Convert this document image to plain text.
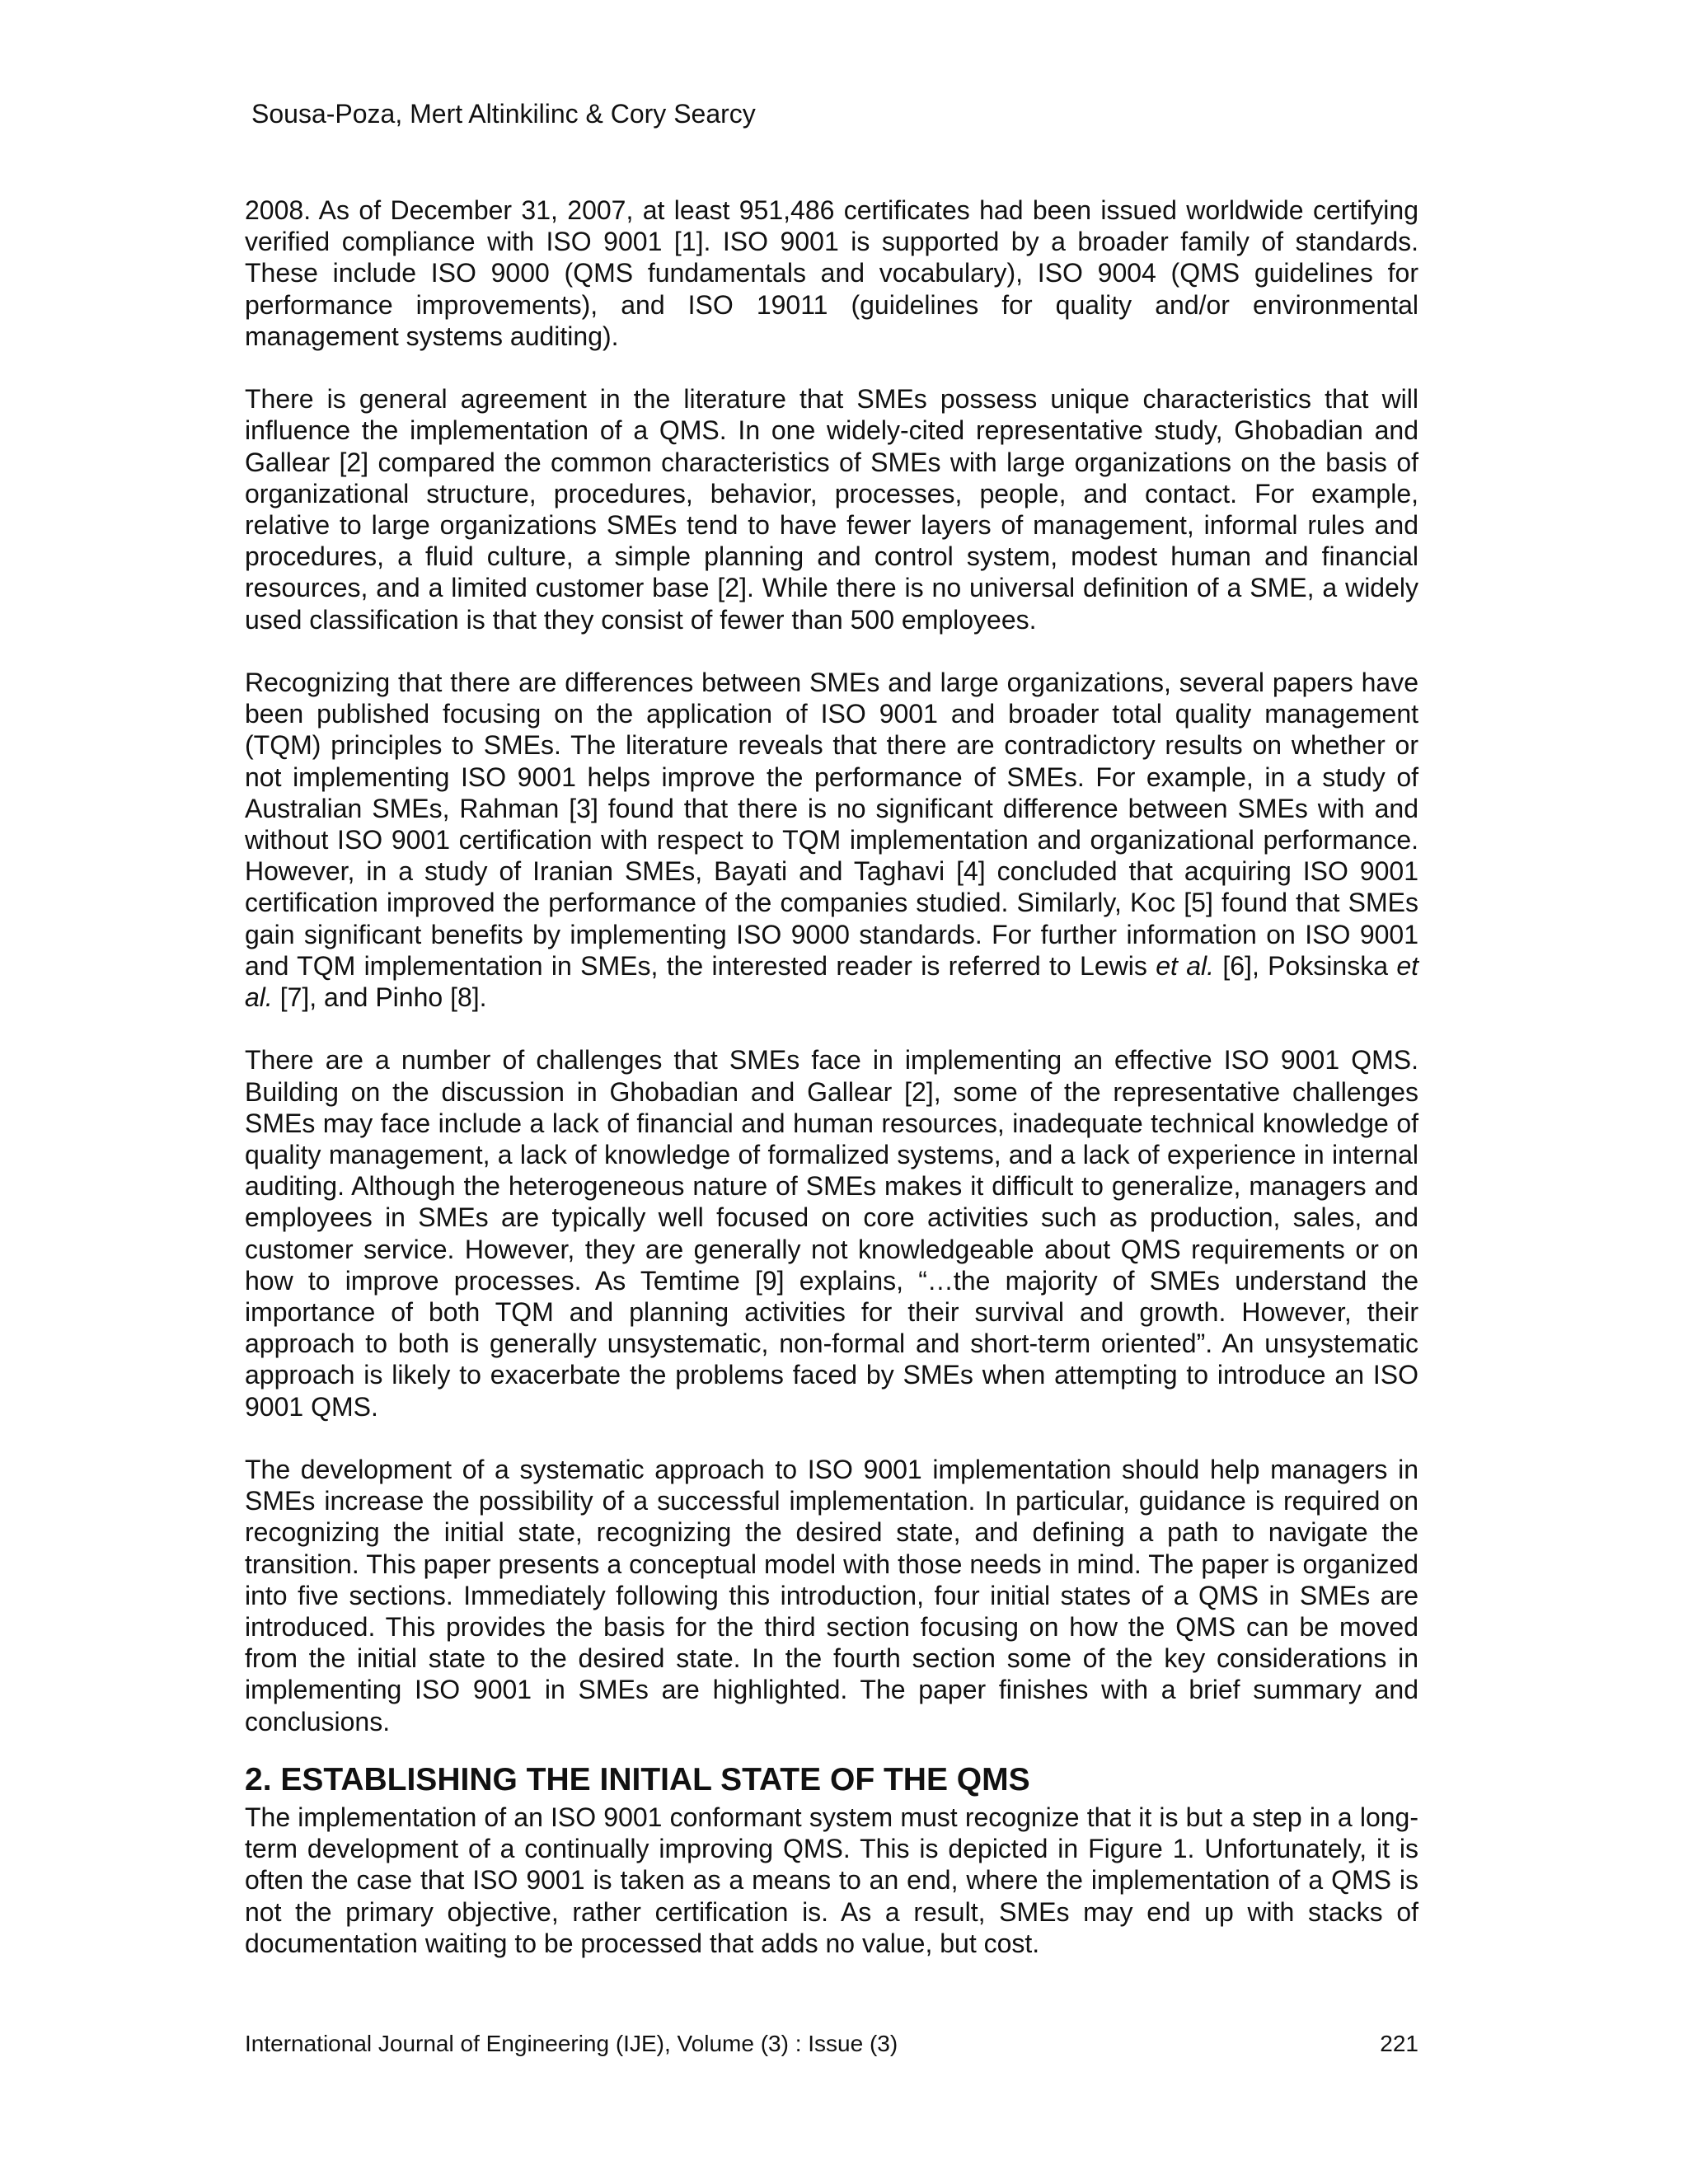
Sousa-Poza, Mert Altinkilinc & Cory Searcy

2008. As of December 31, 2007, at least 951,486 certificates had been issued worldwide certifying verified compliance with ISO 9001 [1]. ISO 9001 is supported by a broader family of standards. These include ISO 9000 (QMS fundamentals and vocabulary), ISO 9004 (QMS guidelines for performance improvements), and ISO 19011 (guidelines for quality and/or environmental management systems auditing).

There is general agreement in the literature that SMEs possess unique characteristics that will influence the implementation of a QMS. In one widely-cited representative study, Ghobadian and Gallear [2] compared the common characteristics of SMEs with large organizations on the basis of organizational structure, procedures, behavior, processes, people, and contact. For example, relative to large organizations SMEs tend to have fewer layers of management, informal rules and procedures, a fluid culture, a simple planning and control system, modest human and financial resources, and a limited customer base [2]. While there is no universal definition of a SME, a widely used classification is that they consist of fewer than 500 employees.

Recognizing that there are differences between SMEs and large organizations, several papers have been published focusing on the application of ISO 9001 and broader total quality management (TQM) principles to SMEs. The literature reveals that there are contradictory results on whether or not implementing ISO 9001 helps improve the performance of SMEs. For example, in a study of Australian SMEs, Rahman [3] found that there is no significant difference between SMEs with and without ISO 9001 certification with respect to TQM implementation and organizational performance. However, in a study of Iranian SMEs, Bayati and Taghavi [4] concluded that acquiring ISO 9001 certification improved the performance of the companies studied. Similarly, Koc [5] found that SMEs gain significant benefits by implementing ISO 9000 standards. For further information on ISO 9001 and TQM implementation in SMEs, the interested reader is referred to Lewis et al. [6], Poksinska et al. [7], and Pinho [8].

There are a number of challenges that SMEs face in implementing an effective ISO 9001 QMS. Building on the discussion in Ghobadian and Gallear [2], some of the representative challenges SMEs may face include a lack of financial and human resources, inadequate technical knowledge of quality management, a lack of knowledge of formalized systems, and a lack of experience in internal auditing. Although the heterogeneous nature of SMEs makes it difficult to generalize, managers and employees in SMEs are typically well focused on core activities such as production, sales, and customer service. However, they are generally not knowledgeable about QMS requirements or on how to improve processes. As Temtime [9] explains, “…the majority of SMEs understand the importance of both TQM and planning activities for their survival and growth. However, their approach to both is generally unsystematic, non-formal and short-term oriented”. An unsystematic approach is likely to exacerbate the problems faced by SMEs when attempting to introduce an ISO 9001 QMS.

The development of a systematic approach to ISO 9001 implementation should help managers in SMEs increase the possibility of a successful implementation. In particular, guidance is required on recognizing the initial state, recognizing the desired state, and defining a path to navigate the transition. This paper presents a conceptual model with those needs in mind. The paper is organized into five sections. Immediately following this introduction, four initial states of a QMS in SMEs are introduced. This provides the basis for the third section focusing on how the QMS can be moved from the initial state to the desired state. In the fourth section some of the key considerations in implementing ISO 9001 in SMEs are highlighted. The paper finishes with a brief summary and conclusions.

2. ESTABLISHING THE INITIAL STATE OF THE QMS

The implementation of an ISO 9001 conformant system must recognize that it is but a step in a long-term development of a continually improving QMS. This is depicted in Figure 1. Unfortunately, it is often the case that ISO 9001 is taken as a means to an end, where the implementation of a QMS is not the primary objective, rather certification is. As a result, SMEs may end up with stacks of documentation waiting to be processed that adds no value, but cost.

International Journal of Engineering (IJE), Volume (3) : Issue (3)	221
